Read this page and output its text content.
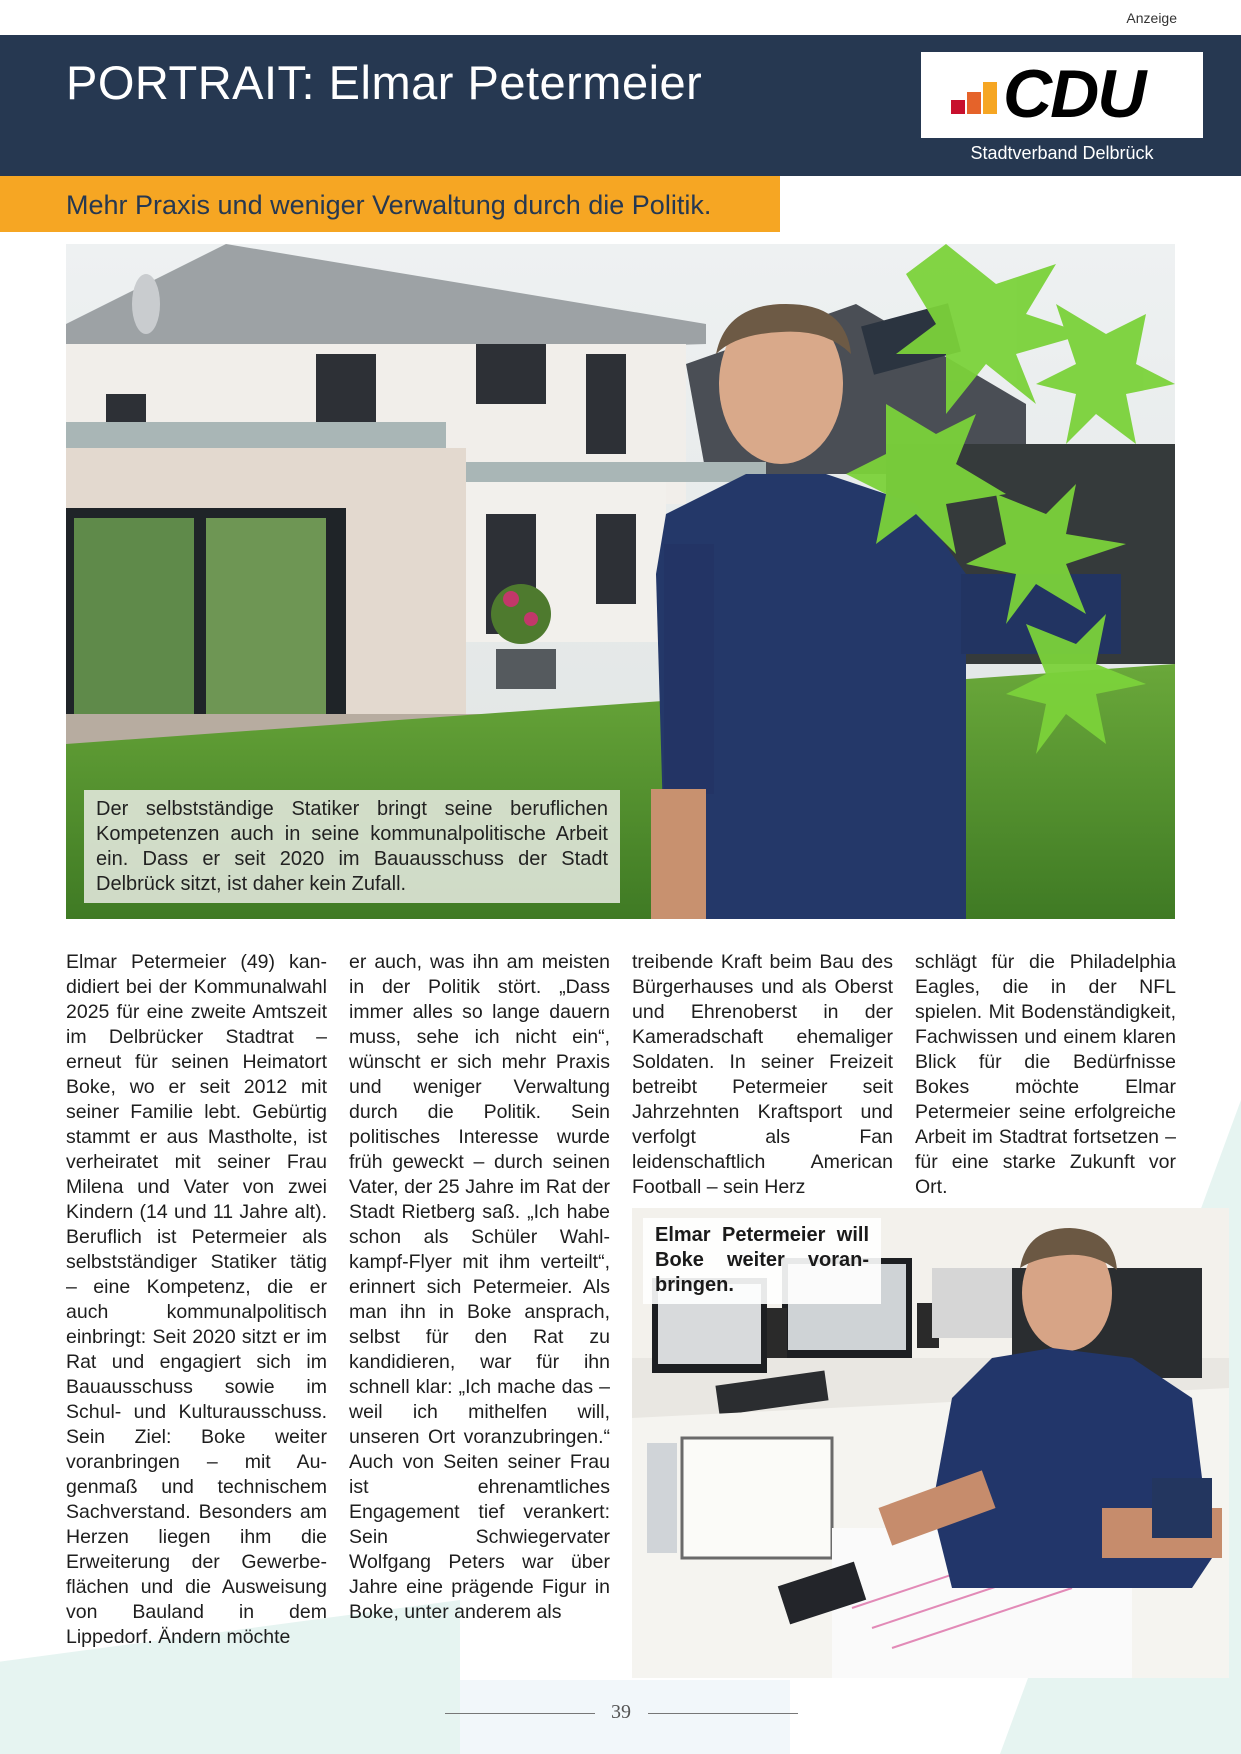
Anzeige
PORTRAIT: Elmar Petermeier	CDU
Stadtverband Delbrück
Mehr Praxis und weniger Verwaltung durch die Politik.
Der selbstständige Statiker bringt seine beruflichen Kompetenzen auch in seine kommunalpolitische Arbeit ein. Dass er seit 2020 im Bauausschuss der Stadt Delbrück sitzt, ist daher kein Zufall.
Elmar Petermeier (49) kandidiert bei der Kommunalwahl 2025 für eine zweite Amtszeit im Delbrücker Stadtrat – erneut für seinen Heimatort Boke, wo er seit 2012 mit seiner Familie lebt. Gebürtig stammt er aus Mastholte, ist verheiratet mit seiner Frau Milena und Vater von zwei Kindern (14 und 11 Jahre alt). Beruflich ist Petermeier als selbstständiger Statiker tätig – eine Kompetenz, die er auch kommunalpolitisch einbringt: Seit 2020 sitzt er im Rat und engagiert sich im Bauausschuss sowie im Schul- und Kulturausschuss. Sein Ziel: Boke weiter voranbringen – mit Augenmaß und technischem Sachverstand. Besonders am Herzen liegen ihm die Erweiterung der Gewerbeflächen und die Ausweisung von Bauland in dem Lippedorf. Ändern möchte
er auch, was ihn am meisten in der Politik stört. „Dass immer alles so lange dauern muss, sehe ich nicht ein“, wünscht er sich mehr Praxis und weniger Verwaltung durch die Politik. Sein politisches Interesse wurde früh geweckt – durch seinen Vater, der 25 Jahre im Rat der Stadt Rietberg saß. „Ich habe schon als Schüler Wahlkampf-Flyer mit ihm verteilt“, erinnert sich Petermeier. Als man ihn in Boke ansprach, selbst für den Rat zu kandidieren, war für ihn schnell klar: „Ich mache das – weil ich mithelfen will, unseren Ort voranzubringen.“ Auch von Seiten seiner Frau ist ehrenamtliches Engagement tief verankert: Sein Schwiegervater Wolfgang Peters war über Jahre eine prägende Figur in Boke, unter anderem als
treibende Kraft beim Bau des Bürgerhauses und als Oberst und Ehrenoberst in der Kameradschaft ehemaliger Soldaten. In seiner Freizeit betreibt Petermeier seit Jahrzehnten Kraftsport und verfolgt als Fan leidenschaftlich American Football – sein Herz
schlägt für die Philadelphia Eagles, die in der NFL spielen. Mit Bodenständigkeit, Fachwissen und einem klaren Blick für die Bedürfnisse Bokes möchte Elmar Petermeier seine erfolgreiche Arbeit im Stadtrat fortsetzen – für eine starke Zukunft vor Ort.
Elmar Petermeier will Boke weiter voranbringen.
39
